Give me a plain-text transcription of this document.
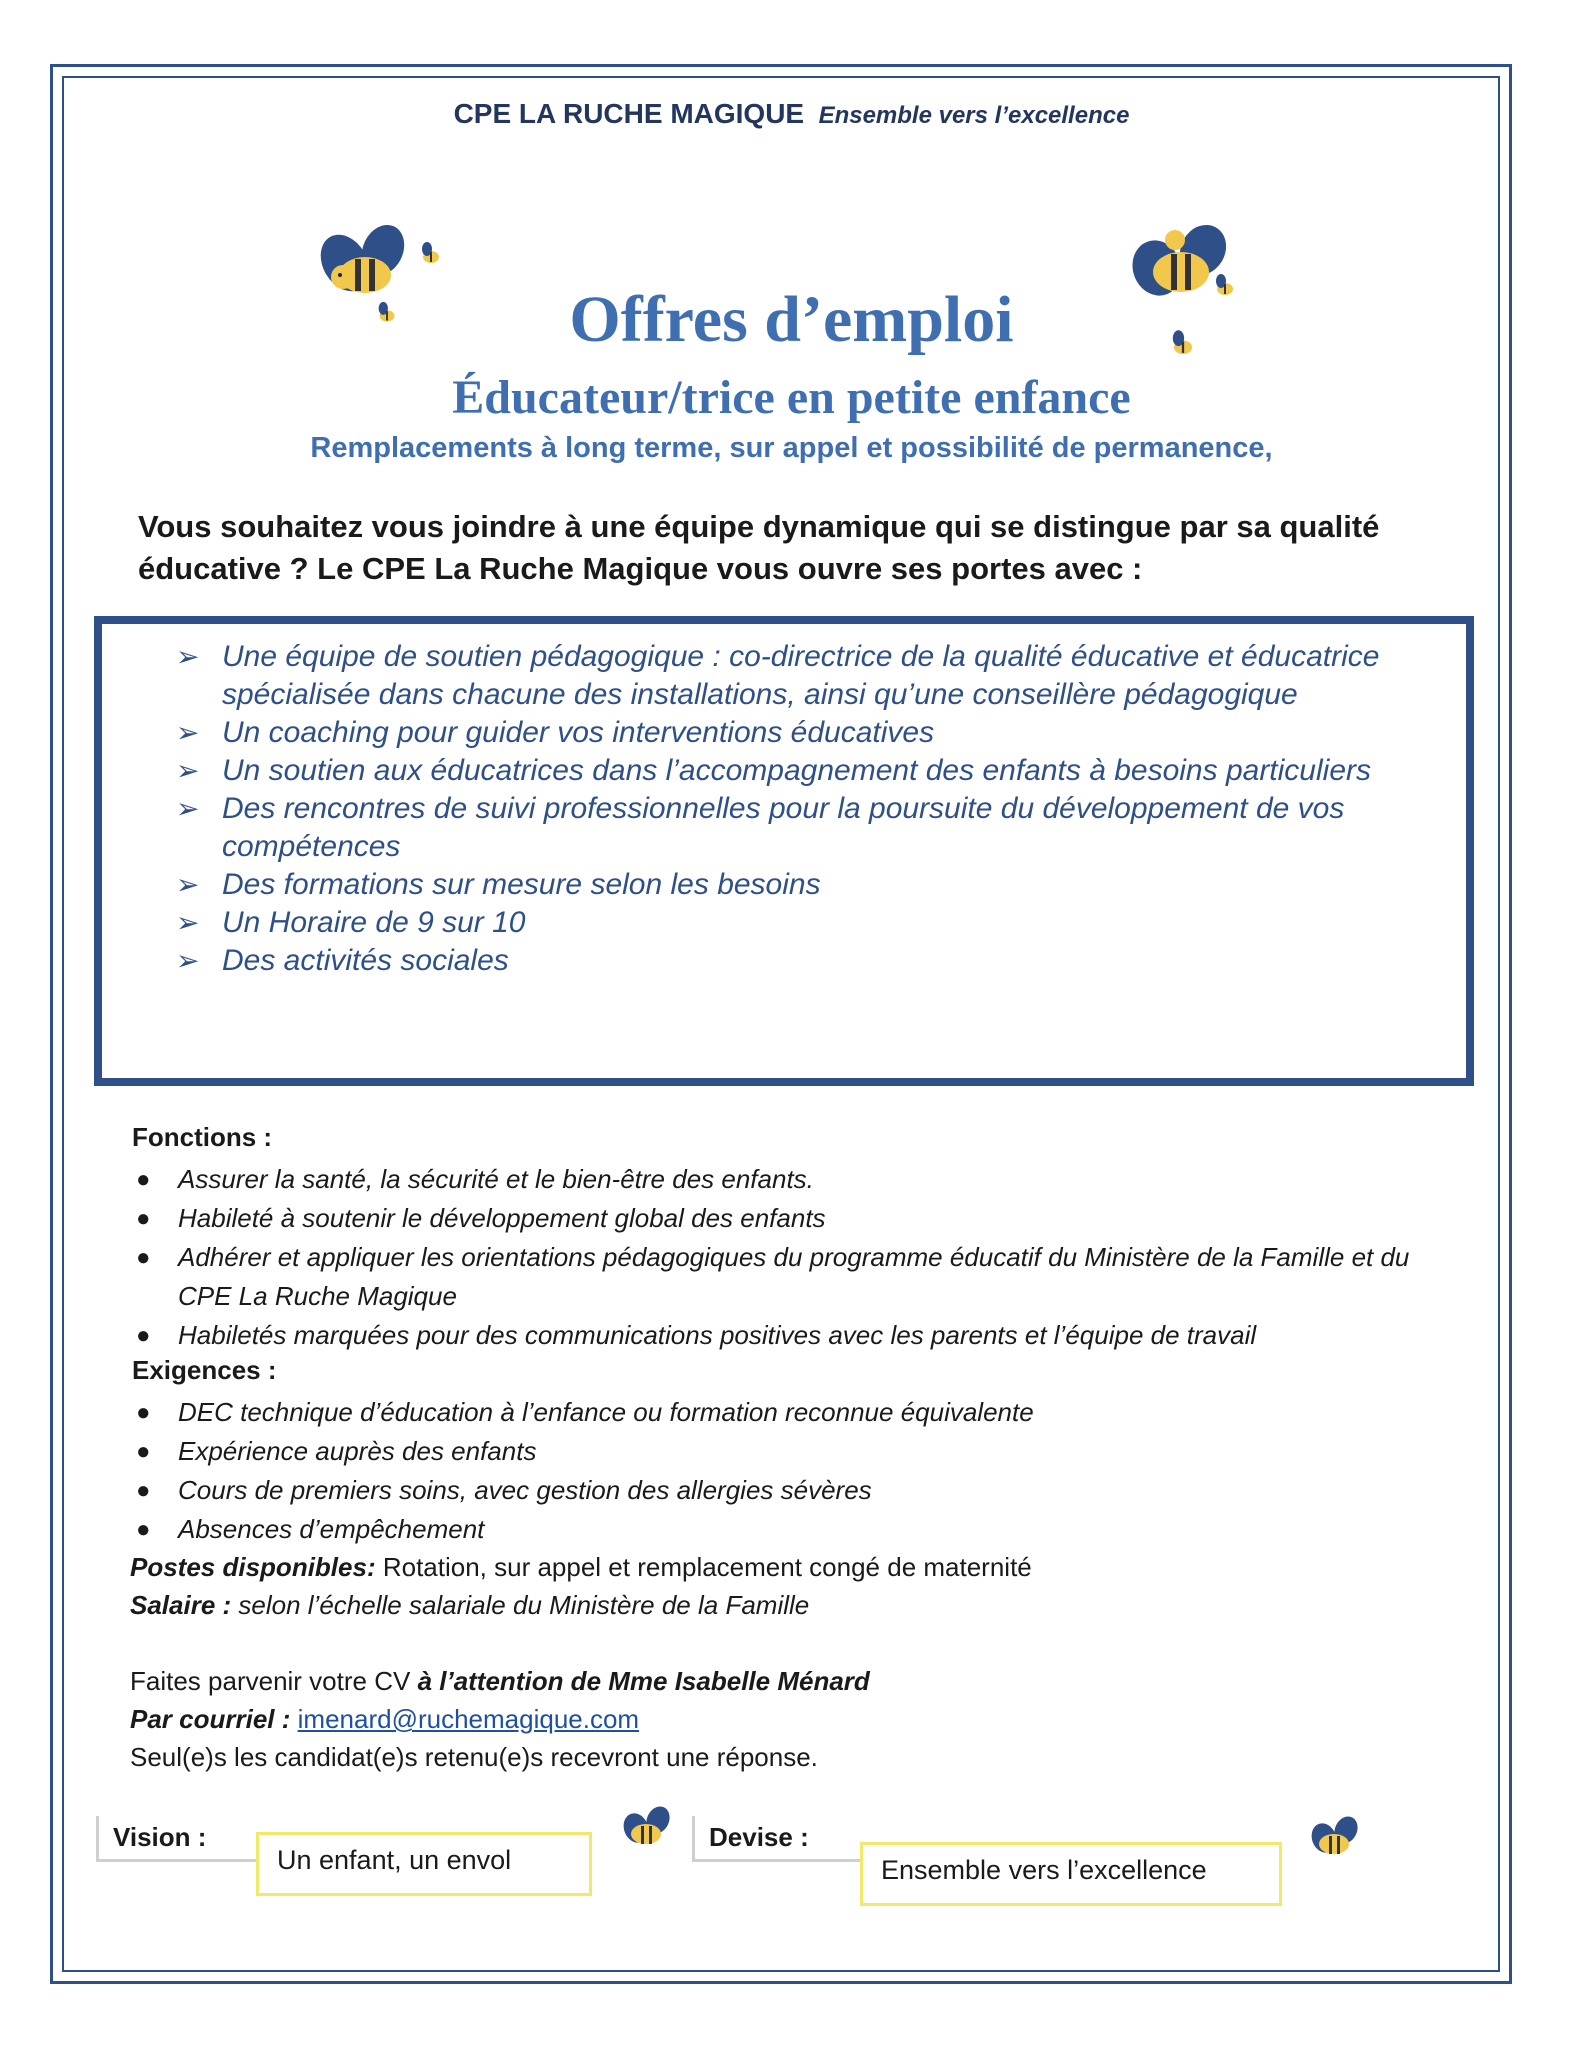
CPE LA RUCHE MAGIQUE Ensemble vers l’excellence
Offres d’emploi
Éducateur/trice en petite enfance
Remplacements à long terme, sur appel et possibilité de permanence,
Vous souhaitez vous joindre à une équipe dynamique qui se distingue par sa qualité
éducative ? Le CPE La Ruche Magique vous ouvre ses portes avec :
➢ Une équipe de soutien pédagogique : co-directrice de la qualité éducative et éducatrice spécialisée dans chacune des installations, ainsi qu’une conseillère pédagogique
➢ Un coaching pour guider vos interventions éducatives
➢ Un soutien aux éducatrices dans l’accompagnement des enfants à besoins particuliers
➢ Des rencontres de suivi professionnelles pour la poursuite du développement de vos compétences
➢ Des formations sur mesure selon les besoins
➢ Un Horaire de 9 sur 10
➢ Des activités sociales
Fonctions :
● Assurer la santé, la sécurité et le bien-être des enfants.
● Habileté à soutenir le développement global des enfants
● Adhérer et appliquer les orientations pédagogiques du programme éducatif du Ministère de la Famille et du CPE La Ruche Magique
● Habiletés marquées pour des communications positives avec les parents et l’équipe de travail
Exigences :
● DEC technique d’éducation à l’enfance ou formation reconnue équivalente
● Expérience auprès des enfants
● Cours de premiers soins, avec gestion des allergies sévères
● Absences d’empêchement
Postes disponibles: Rotation, sur appel et remplacement congé de maternité
Salaire : selon l’échelle salariale du Ministère de la Famille
Faites parvenir votre CV à l’attention de Mme Isabelle Ménard
Par courriel : imenard@ruchemagique.com
Seul(e)s les candidat(e)s retenu(e)s recevront une réponse.
Vision :
Un enfant, un envol
Devise :
Ensemble vers l’excellence
